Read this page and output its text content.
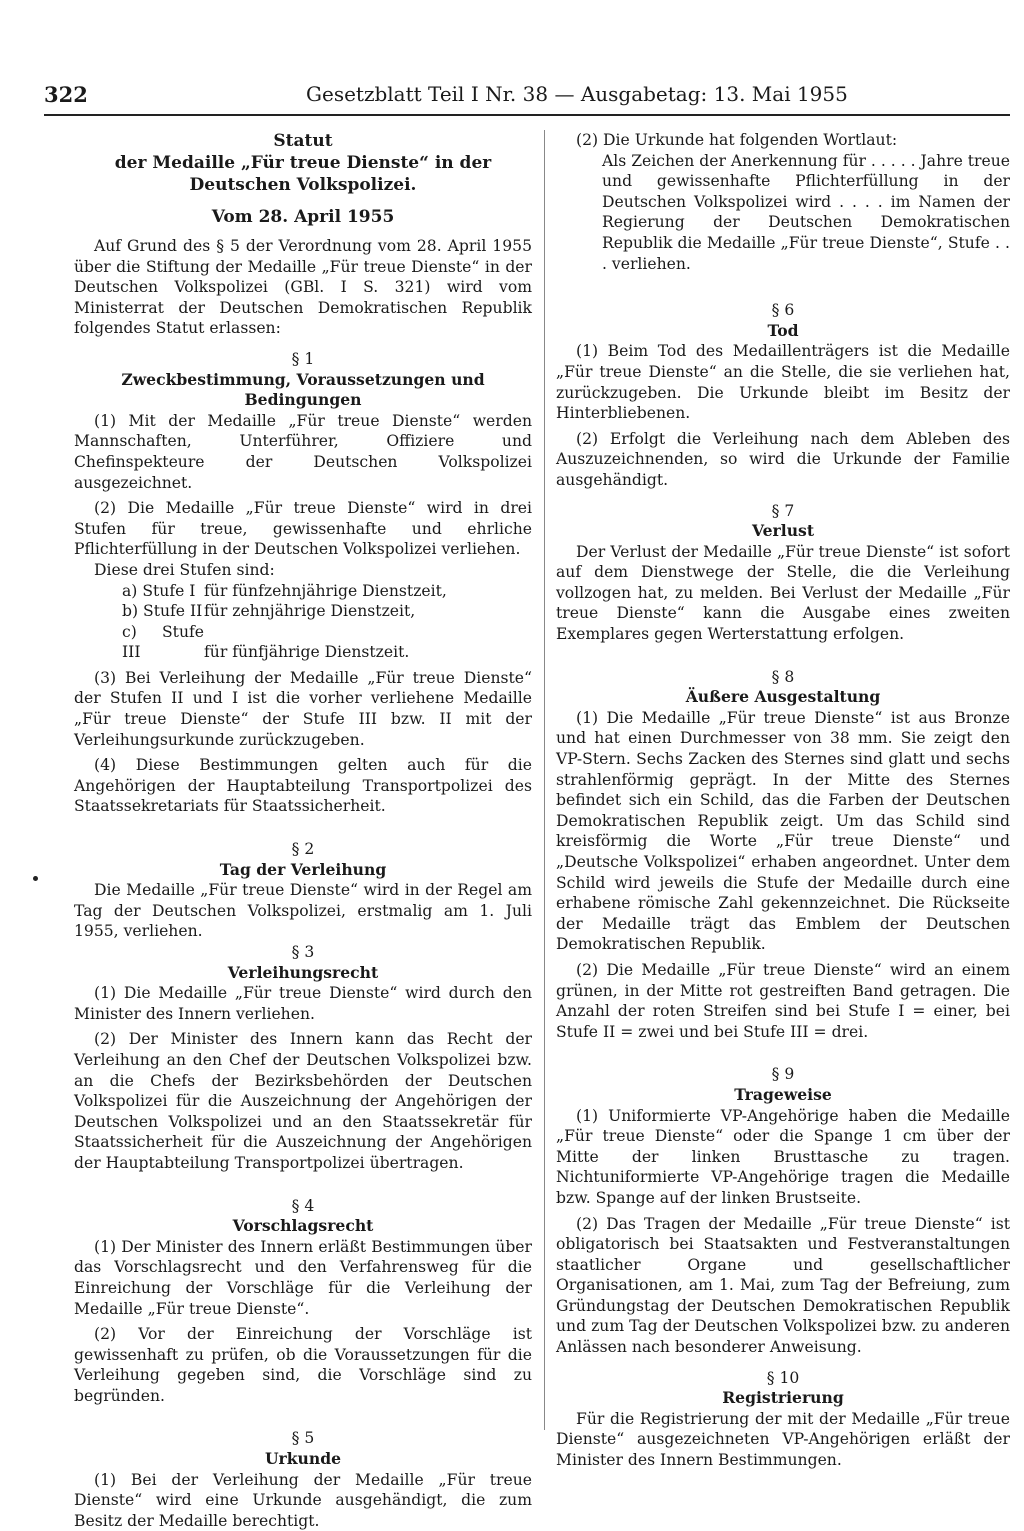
322	Gesetzblatt Teil I Nr. 38 — Ausgabetag: 13. Mai 1955

Statut

der Medaille „Für treue Dienste“ in der

Deutschen Volkspolizei.

Vom 28. April 1955

Auf Grund des § 5 der Verordnung vom 28. April 1955 über die Stiftung der Medaille „Für treue Dienste“ in der Deutschen Volkspolizei (GBl. I S. 321) wird vom Ministerrat der Deutschen Demokratischen Republik folgendes Statut erlassen:

§ 1

Zweckbestimmung, Voraussetzungen und Bedingungen

(1) Mit der Medaille „Für treue Dienste“ werden Mannschaften, Unterführer, Offiziere und Chefinspekteure der Deutschen Volkspolizei ausgezeichnet.

(2) Die Medaille „Für treue Dienste“ wird in drei Stufen für treue, gewissenhafte und ehrliche Pflichterfüllung in der Deutschen Volkspolizei verliehen.

Diese drei Stufen sind:

a) Stufe I für fünfzehnjährige Dienstzeit,

b) Stufe II für zehnjährige Dienstzeit,

c) Stufe III	für fünfjährige Dienstzeit.

(3) Bei Verleihung der Medaille „Für treue Dienste“ der Stufen II und I ist die vorher verliehene Medaille „Für treue Dienste“ der Stufe III bzw. II mit der Verleihungsurkunde zurückzugeben.

(4) Diese Bestimmungen gelten auch für die Angehörigen der Hauptabteilung Transportpolizei des Staatssekretariats für Staatssicherheit.

§ 2

Tag der Verleihung

Die Medaille „Für treue Dienste“ wird in der Regel am Tag der Deutschen Volkspolizei, erstmalig am 1. Juli 1955, verliehen.

§ 3

Verleihungsrecht

(1) Die Medaille „Für treue Dienste“ wird durch den Minister des Innern verliehen.

(2) Der Minister des Innern kann das Recht der Verleihung an den Chef der Deutschen Volkspolizei bzw. an die Chefs der Bezirksbehörden der Deutschen Volkspolizei für die Auszeichnung der Angehörigen der Deutschen Volkspolizei und an den Staatssekretär für Staatssicherheit für die Auszeichnung der Angehörigen der Hauptabteilung Transportpolizei übertragen.

§ 4

Vorschlagsrecht

(1) Der Minister des Innern erläßt Bestimmungen über das Vorschlagsrecht und den Verfahrensweg für die Einreichung der Vorschläge für die Verleihung der Medaille „Für treue Dienste“.

(2) Vor der Einreichung der Vorschläge ist gewissenhaft zu prüfen, ob die Voraussetzungen für die Verleihung gegeben sind, die Vorschläge sind zu begründen.

§ 5

Urkunde

(1) Bei der Verleihung der Medaille „Für treue Dienste“ wird eine Urkunde ausgehändigt, die zum Besitz der Medaille berechtigt.

(2) Die Urkunde hat folgenden Wortlaut:

Als Zeichen der Anerkennung für . . . . . Jahre treue und gewissenhafte Pflichterfüllung in der Deutschen Volkspolizei wird . . . . im Namen der Regierung der Deutschen Demokratischen Republik die Medaille „Für treue Dienste“, Stufe . . . verliehen.

§ 6

Tod

(1) Beim Tod des Medaillenträgers ist die Medaille „Für treue Dienste“ an die Stelle, die sie verliehen hat, zurückzugeben. Die Urkunde bleibt im Besitz der Hinterbliebenen.

(2) Erfolgt die Verleihung nach dem Ableben des Auszuzeichnenden, so wird die Urkunde der Familie ausgehändigt.

§ 7

Verlust

Der Verlust der Medaille „Für treue Dienste“ ist sofort auf dem Dienstwege der Stelle, die die Verleihung vollzogen hat, zu melden. Bei Verlust der Medaille „Für treue Dienste“ kann die Ausgabe eines zweiten Exemplares gegen Werterstattung erfolgen.

§ 8

Äußere Ausgestaltung

(1) Die Medaille „Für treue Dienste“ ist aus Bronze und hat einen Durchmesser von 38 mm. Sie zeigt den VP-Stern. Sechs Zacken des Sternes sind glatt und sechs strahlenförmig geprägt. In der Mitte des Sternes befindet sich ein Schild, das die Farben der Deutschen Demokratischen Republik zeigt. Um das Schild sind kreisförmig die Worte „Für treue Dienste“ und „Deutsche Volkspolizei“ erhaben angeordnet. Unter dem Schild wird jeweils die Stufe der Medaille durch eine erhabene römische Zahl gekennzeichnet. Die Rückseite der Medaille trägt das Emblem der Deutschen Demokratischen Republik.

(2) Die Medaille „Für treue Dienste“ wird an einem grünen, in der Mitte rot gestreiften Band getragen. Die Anzahl der roten Streifen sind bei Stufe I = einer, bei Stufe II = zwei und bei Stufe III = drei.

§ 9

Trageweise

(1) Uniformierte VP-Angehörige haben die Medaille „Für treue Dienste“ oder die Spange 1 cm über der Mitte der linken Brusttasche zu tragen. Nichtuniformierte VP-Angehörige tragen die Medaille bzw. Spange auf der linken Brustseite.

(2) Das Tragen der Medaille „Für treue Dienste“ ist obligatorisch bei Staatsakten und Festveranstaltungen staatlicher Organe und gesellschaftlicher Organisationen, am 1. Mai, zum Tag der Befreiung, zum Gründungstag der Deutschen Demokratischen Republik und zum Tag der Deutschen Volkspolizei bzw. zu anderen Anlässen nach besonderer Anweisung.

§ 10

Registrierung

Für die Registrierung der mit der Medaille „Für treue Dienste“ ausgezeichneten VP-Angehörigen erläßt der Minister des Innern Bestimmungen.
